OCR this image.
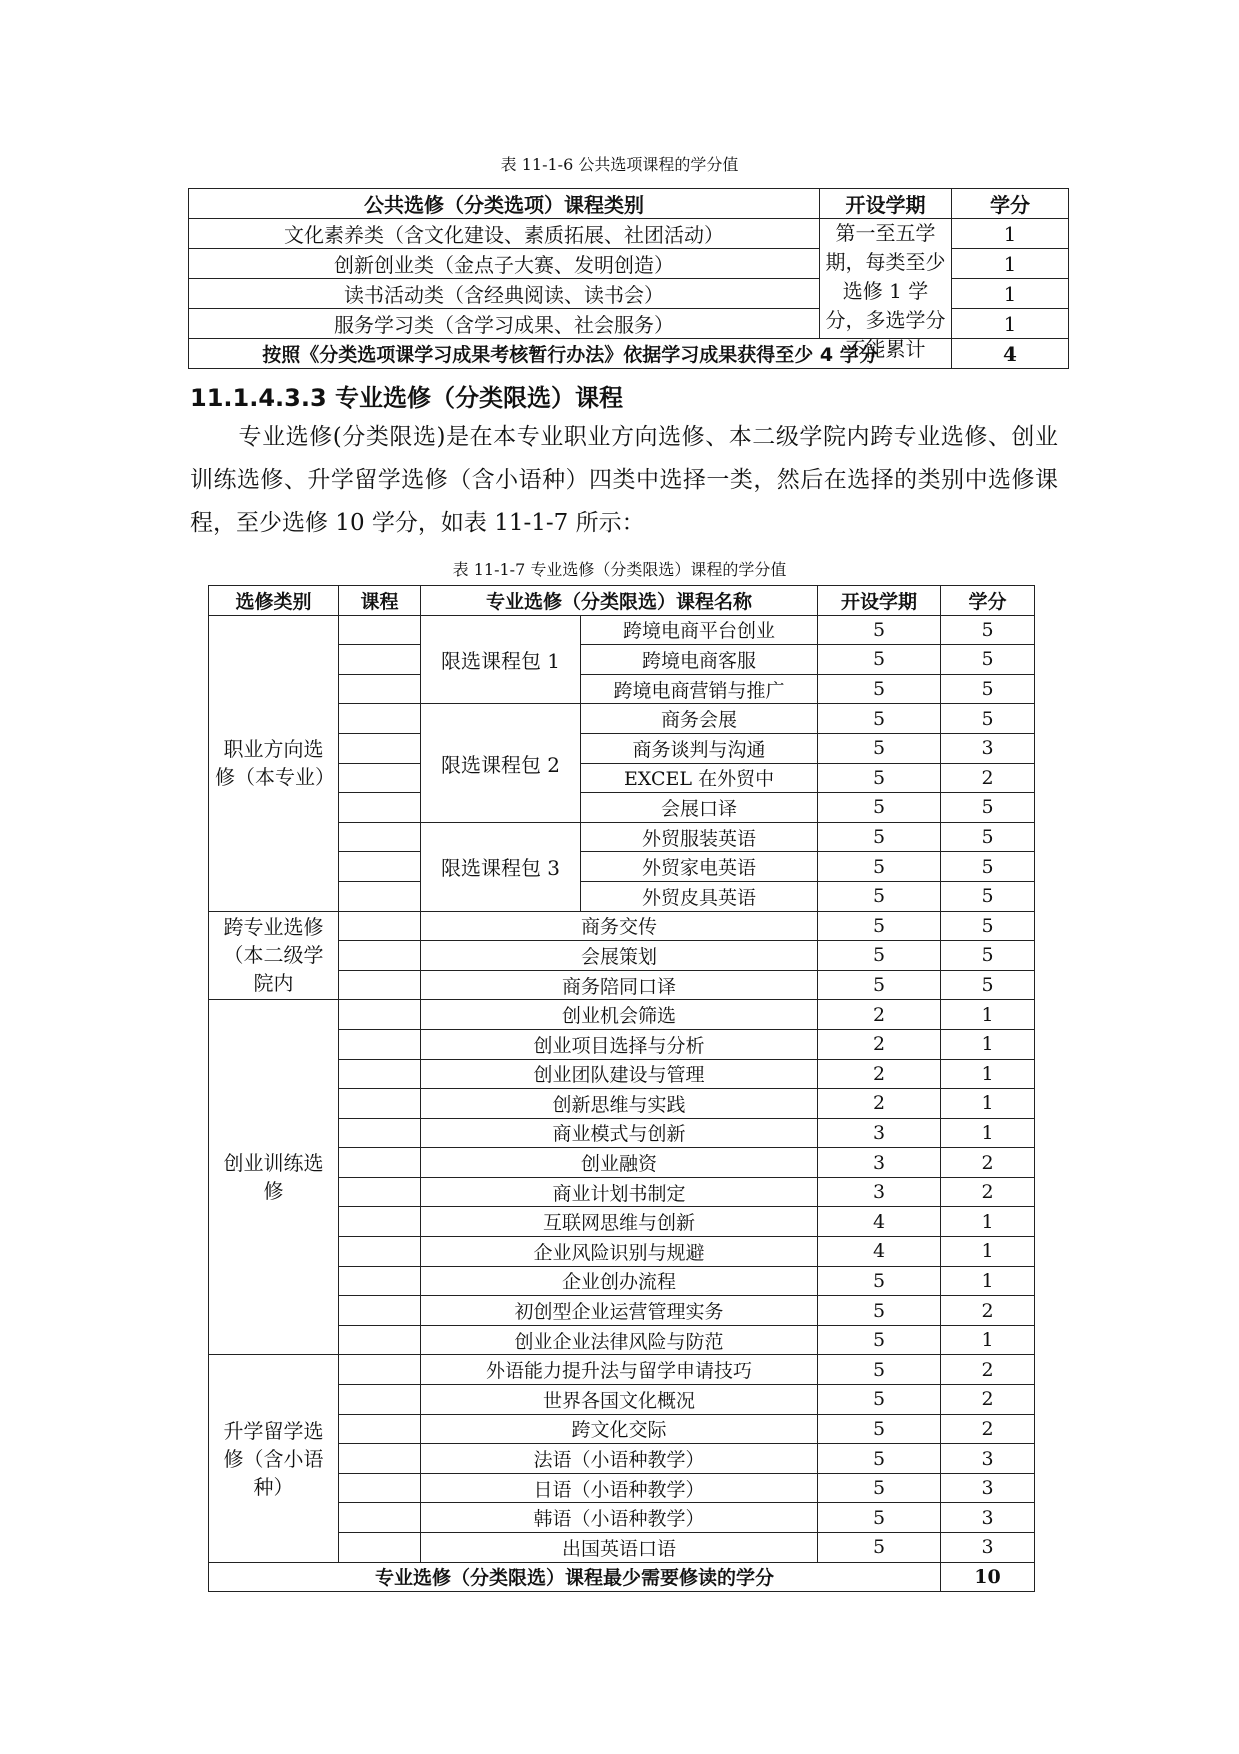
表 11-1-6 公共选项课程的学分值
公共选修（分类选项）课程类别	开设学期	学分
文化素养类（含文化建设、素质拓展、社团活动）	第一至五学期，每类至少选修 1 学分，多选学分不能累计	1
创新创业类（金点子大赛、发明创造）		1
读书活动类（含经典阅读、读书会）		1
服务学习类（含学习成果、社会服务）		1
按照《分类选项课学习成果考核暂行办法》依据学习成果获得至少 4 学分		4
11.1.4.3.3 专业选修（分类限选）课程
专业选修(分类限选)是在本专业职业方向选修、本二级学院内跨专业选修、创业训练选修、升学留学选修（含小语种）四类中选择一类，然后在选择的类别中选修课程，至少选修 10 学分，如表 11-1-7 所示：
表 11-1-7 专业选修（分类限选）课程的学分值
选修类别	课程	专业选修（分类限选）课程名称		开设学期	学分
职业方向选修（本专业）		限选课程包 1	跨境电商平台创业	5	5
			跨境电商客服	5	5
			跨境电商营销与推广	5	5
		限选课程包 2	商务会展	5	5
			商务谈判与沟通	5	3
			EXCEL 在外贸中	5	2
			会展口译	5	5
		限选课程包 3	外贸服装英语	5	5
			外贸家电英语	5	5
			外贸皮具英语	5	5
跨专业选修（本二级学院内		商务交传		5	5
		会展策划		5	5
		商务陪同口译		5	5
创业训练选修		创业机会筛选		2	1
		创业项目选择与分析		2	1
		创业团队建设与管理		2	1
		创新思维与实践		2	1
		商业模式与创新		3	1
		创业融资		3	2
		商业计划书制定		3	2
		互联网思维与创新		4	1
		企业风险识别与规避		4	1
		企业创办流程		5	1
		初创型企业运营管理实务		5	2
		创业企业法律风险与防范		5	1
升学留学选修（含小语种）		外语能力提升法与留学申请技巧		5	2
		世界各国文化概况		5	2
		跨文化交际		5	2
		法语（小语种教学）		5	3
		日语（小语种教学）		5	3
		韩语（小语种教学）		5	3
		出国英语口语		5	3
专业选修（分类限选）课程最少需要修读的学分					10
